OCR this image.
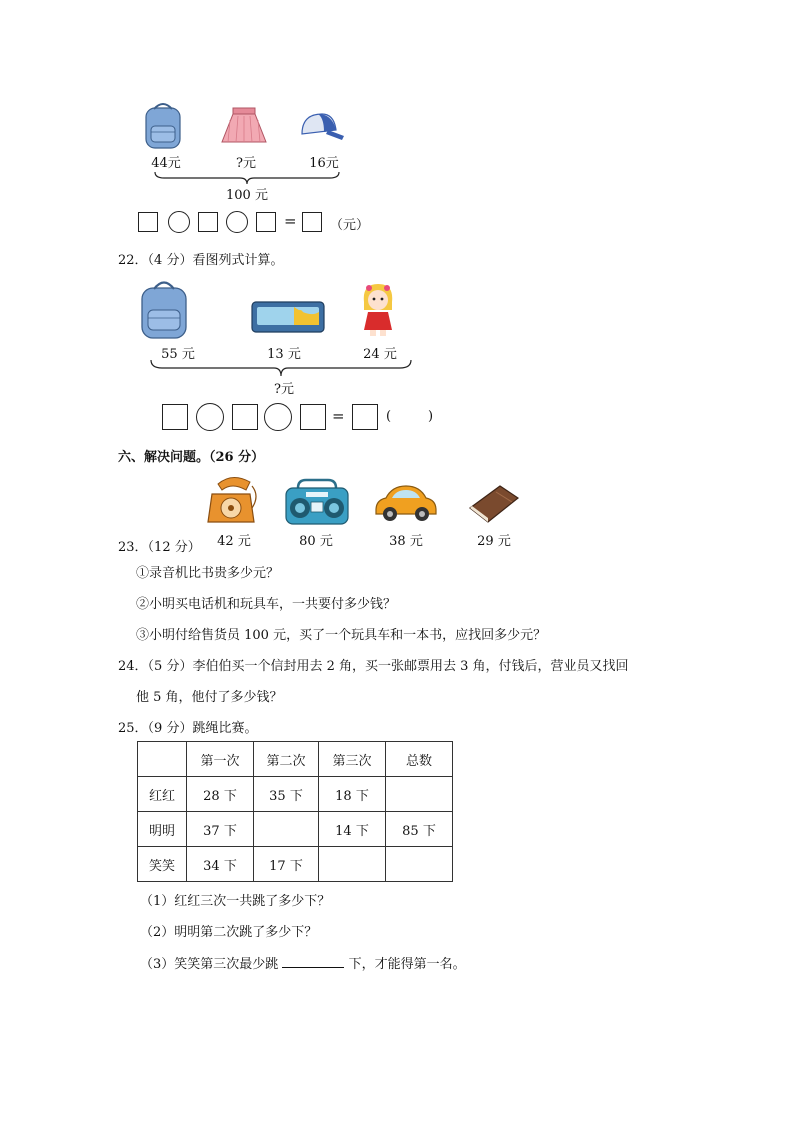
44元	?元	16元
100 元
=	（元）
22．（4 分）看图列式计算。
55 元	13 元	24 元
?元
=	(	)
六、解决问题。（26 分）
23．（12 分）	42 元	80 元	38 元	29 元
①录音机比书贵多少元？
②小明买电话机和玩具车，一共要付多少钱？
③小明付给售货员 100 元，买了一个玩具车和一本书，应找回多少元？
24．（5 分）李伯伯买一个信封用去 2 角，买一张邮票用去 3 角，付钱后，营业员又找回
他 5 角，他付了多少钱？
25．（9 分）跳绳比赛。
	第一次	第二次	第三次	总数
红红	28 下	35 下	18 下	
明明	37 下		14 下	85 下
笑笑	34 下	17 下		
（1）红红三次一共跳了多少下？
（2）明明第二次跳了多少下？
（3）笑笑第三次最少跳	下，才能得第一名。
